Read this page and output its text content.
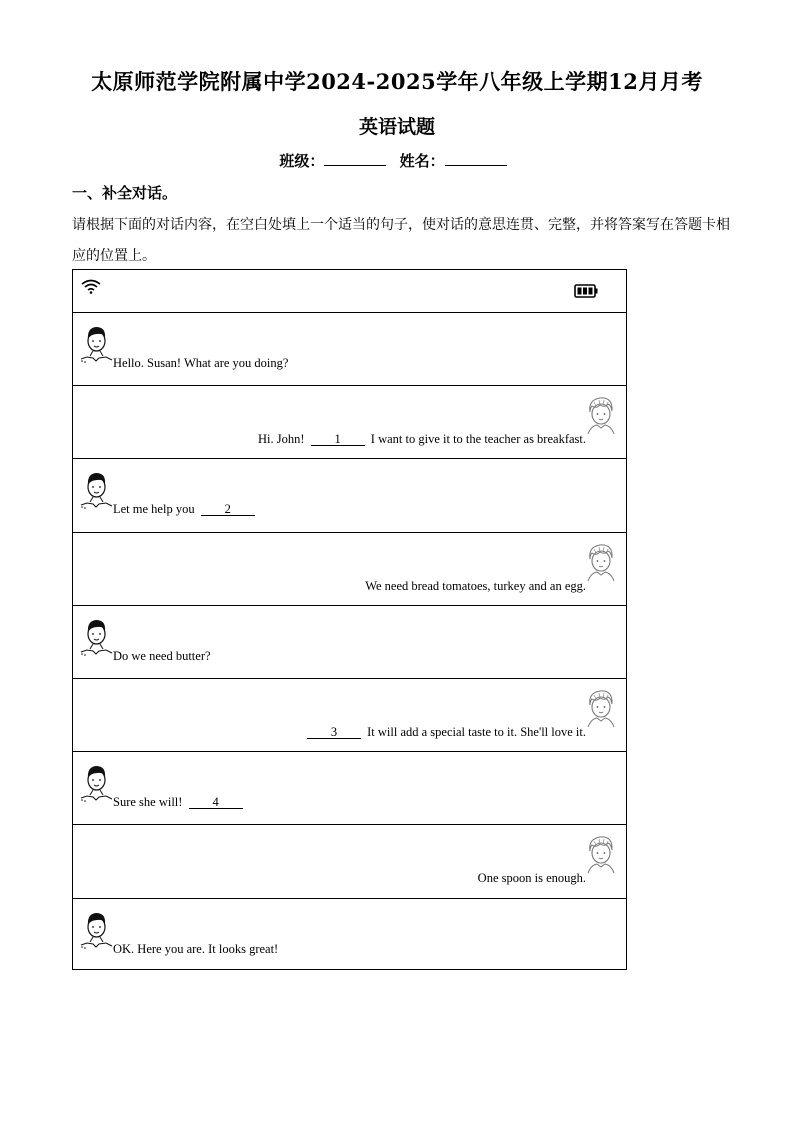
太原师范学院附属中学2024-2025学年八年级上学期12月月考
英语试题
班级：	姓名：
一、补全对话。
请根据下面的对话内容，在空白处填上一个适当的句子，使对话的意思连贯、完整，并将答案写在答题卡相应的位置上。
Hello. Susan! What are you doing?
Hi. John! 1 I want to give it to the teacher as breakfast.
Let me help you 2
We need bread tomatoes, turkey and an egg.
Do we need butter?
3 It will add a special taste to it. She'll love it.
Sure she will! 4
One spoon is enough.
OK. Here you are. It looks great!
